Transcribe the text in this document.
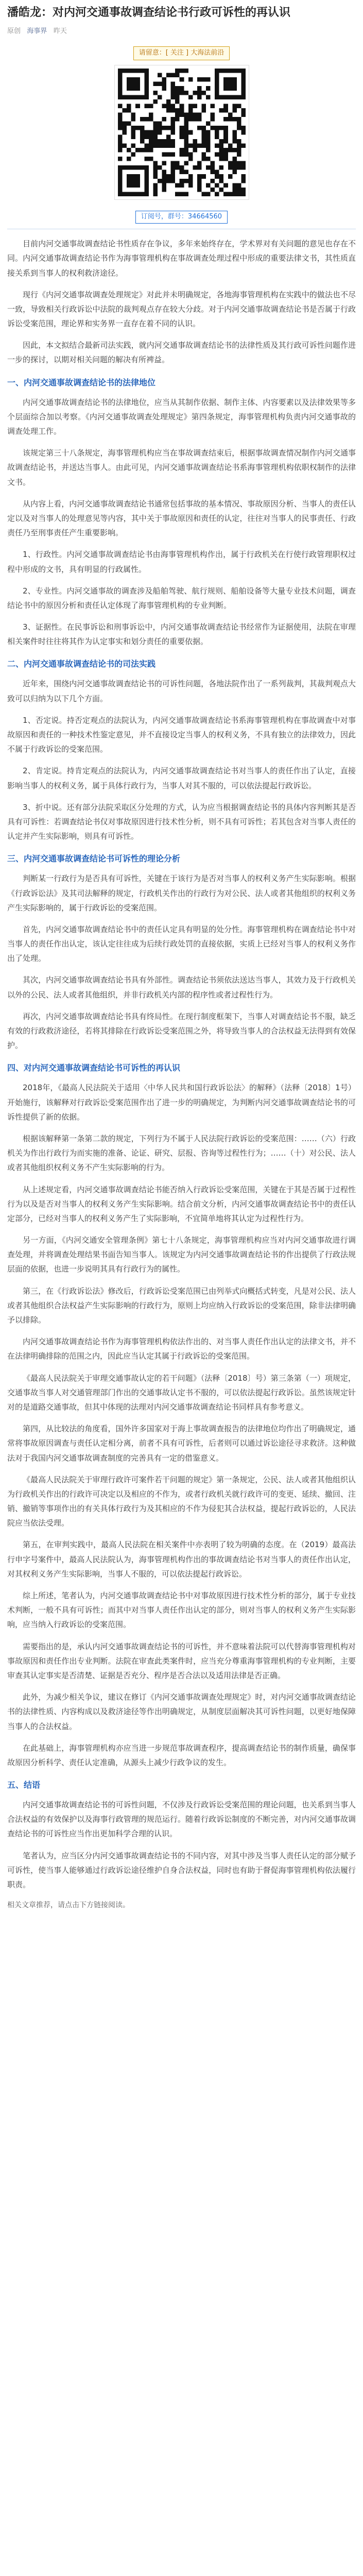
潘皓龙：对内河交通事故调查结论书行政可诉性的再认识
原创 海事界 昨天
请留意：[ 关注 ] 大海法前沿
订阅号，群号：34664560

目前内河交通事故调查结论书性质存在争议，多年来始终存在，学术界对有关问题的意见也存在不同。内河交通事故调查结论书作为海事管理机构在事故调查处理过程中形成的重要法律文书，其性质直接关系到当事人的权利救济途径。

现行《内河交通事故调查处理规定》对此并未明确规定，各地海事管理机构在实践中的做法也不尽一致，导致相关行政诉讼中法院的裁判观点存在较大分歧。对于内河交通事故调查结论书是否属于行政诉讼受案范围，理论界和实务界一直存在着不同的认识。

因此，本文拟结合最新司法实践，就内河交通事故调查结论书的法律性质及其行政可诉性问题作进一步的探讨，以期对相关问题的解决有所裨益。

一、内河交通事故调查结论书的法律地位

内河交通事故调查结论书的法律地位，应当从其制作依据、制作主体、内容要素以及法律效果等多个层面综合加以考察。《内河交通事故调查处理规定》第四条规定，海事管理机构负责内河交通事故的调查处理工作。

该规定第三十八条规定，海事管理机构应当在事故调查结束后，根据事故调查情况制作内河交通事故调查结论书，并送达当事人。由此可见，内河交通事故调查结论书系海事管理机构依职权制作的法律文书。

从内容上看，内河交通事故调查结论书通常包括事故的基本情况、事故原因分析、当事人的责任认定以及对当事人的处理意见等内容，其中关于事故原因和责任的认定，往往对当事人的民事责任、行政责任乃至刑事责任产生重要影响。

1、行政性。内河交通事故调查结论书由海事管理机构作出，属于行政机关在行使行政管理职权过程中形成的文书，具有明显的行政属性。

2、专业性。内河交通事故的调查涉及船舶驾驶、航行规则、船舶设备等大量专业技术问题，调查结论书中的原因分析和责任认定体现了海事管理机构的专业判断。

3、证据性。在民事诉讼和刑事诉讼中，内河交通事故调查结论书经常作为证据使用，法院在审理相关案件时往往将其作为认定事实和划分责任的重要依据。

二、内河交通事故调查结论书的司法实践

近年来，围绕内河交通事故调查结论书的可诉性问题，各地法院作出了一系列裁判，其裁判观点大致可以归纳为以下几个方面。

1、否定说。持否定观点的法院认为，内河交通事故调查结论书系海事管理机构在事故调查中对事故原因和责任的一种技术性鉴定意见，并不直接设定当事人的权利义务，不具有独立的法律效力，因此不属于行政诉讼的受案范围。

2、肯定说。持肯定观点的法院认为，内河交通事故调查结论书对当事人的责任作出了认定，直接影响当事人的权利义务，属于具体行政行为，当事人对其不服的，可以依法提起行政诉讼。

3、折中说。还有部分法院采取区分处理的方式，认为应当根据调查结论书的具体内容判断其是否具有可诉性：若调查结论书仅对事故原因进行技术性分析，则不具有可诉性；若其包含对当事人责任的认定并产生实际影响，则具有可诉性。

三、内河交通事故调查结论书可诉性的理论分析

判断某一行政行为是否具有可诉性，关键在于该行为是否对当事人的权利义务产生实际影响。根据《行政诉讼法》及其司法解释的规定，行政机关作出的行政行为对公民、法人或者其他组织的权利义务产生实际影响的，属于行政诉讼的受案范围。

首先，内河交通事故调查结论书中的责任认定具有明显的处分性。海事管理机构在调查结论书中对当事人的责任作出认定，该认定往往成为后续行政处罚的直接依据，实质上已经对当事人的权利义务作出了处理。

其次，内河交通事故调查结论书具有外部性。调查结论书须依法送达当事人，其效力及于行政机关以外的公民、法人或者其他组织，并非行政机关内部的程序性或者过程性行为。

再次，内河交通事故调查结论书具有终局性。在现行制度框架下，当事人对调查结论书不服，缺乏有效的行政救济途径，若将其排除在行政诉讼受案范围之外，将导致当事人的合法权益无法得到有效保护。

四、对内河交通事故调查结论书可诉性的再认识

2018年，《最高人民法院关于适用〈中华人民共和国行政诉讼法〉的解释》（法释〔2018〕1号）开始施行，该解释对行政诉讼受案范围作出了进一步的明确规定，为判断内河交通事故调查结论书的可诉性提供了新的依据。

根据该解释第一条第二款的规定，下列行为不属于人民法院行政诉讼的受案范围：……（六）行政机关为作出行政行为而实施的准备、论证、研究、层报、咨询等过程性行为；……（十）对公民、法人或者其他组织权利义务不产生实际影响的行为。

从上述规定看，内河交通事故调查结论书能否纳入行政诉讼受案范围，关键在于其是否属于过程性行为以及是否对当事人的权利义务产生实际影响。结合前文分析，内河交通事故调查结论书中的责任认定部分，已经对当事人的权利义务产生了实际影响，不宜简单地将其认定为过程性行为。

另一方面，《内河交通安全管理条例》第七十八条规定，海事管理机构应当对内河交通事故进行调查处理，并将调查处理结果书面告知当事人。该规定为内河交通事故调查结论书的作出提供了行政法规层面的依据，也进一步说明其具有行政行为的属性。

第三，在《行政诉讼法》修改后，行政诉讼受案范围已由列举式向概括式转变，凡是对公民、法人或者其他组织合法权益产生实际影响的行政行为，原则上均应纳入行政诉讼的受案范围，除非法律明确予以排除。

内河交通事故调查结论书作为海事管理机构依法作出的、对当事人责任作出认定的法律文书，并不在法律明确排除的范围之内，因此应当认定其属于行政诉讼的受案范围。

《最高人民法院关于审理交通事故认定的若干问题》（法释〔2018〕号）第三条第（一）项规定，交通事故当事人对交通管理部门作出的交通事故认定书不服的，可以依法提起行政诉讼。虽然该规定针对的是道路交通事故，但其中体现的法理对内河交通事故调查结论书同样具有参考意义。

第四，从比较法的角度看，国外许多国家对于海上事故调查报告的法律地位均作出了明确规定，通常将事故原因调查与责任认定相分离，前者不具有可诉性，后者则可以通过诉讼途径寻求救济。这种做法对于我国内河交通事故调查制度的完善具有一定的借鉴意义。

《最高人民法院关于审理行政许可案件若干问题的规定》第一条规定，公民、法人或者其他组织认为行政机关作出的行政许可决定以及相应的不作为，或者行政机关就行政许可的变更、延续、撤回、注销、撤销等事项作出的有关具体行政行为及其相应的不作为侵犯其合法权益，提起行政诉讼的，人民法院应当依法受理。

第五，在审判实践中，最高人民法院在相关案件中亦表明了较为明确的态度。在（2019）最高法行申字号案件中，最高人民法院认为，海事管理机构作出的事故调查结论书对当事人的责任作出认定，对其权利义务产生实际影响，当事人不服的，可以依法提起行政诉讼。

综上所述，笔者认为，内河交通事故调查结论书中对事故原因进行技术性分析的部分，属于专业技术判断，一般不具有可诉性；而其中对当事人责任作出认定的部分，则对当事人的权利义务产生实际影响，应当纳入行政诉讼的受案范围。

需要指出的是，承认内河交通事故调查结论书的可诉性，并不意味着法院可以代替海事管理机构对事故原因和责任作出专业判断。法院在审查此类案件时，应当充分尊重海事管理机构的专业判断，主要审查其认定事实是否清楚、证据是否充分、程序是否合法以及适用法律是否正确。

此外，为减少相关争议，建议在修订《内河交通事故调查处理规定》时，对内河交通事故调查结论书的法律性质、内容构成以及救济途径等作出明确规定，从制度层面解决其可诉性问题，以更好地保障当事人的合法权益。

在此基础上，海事管理机构亦应当进一步规范事故调查程序，提高调查结论书的制作质量，确保事故原因分析科学、责任认定准确，从源头上减少行政争议的发生。

五、结语

内河交通事故调查结论书的可诉性问题，不仅涉及行政诉讼受案范围的理论问题，也关系到当事人合法权益的有效保护以及海事行政管理的规范运行。随着行政诉讼制度的不断完善，对内河交通事故调查结论书的可诉性应当作出更加科学合理的认识。

笔者认为，应当区分内河交通事故调查结论书的不同内容，对其中涉及当事人责任认定的部分赋予可诉性，使当事人能够通过行政诉讼途径维护自身合法权益，同时也有助于督促海事管理机构依法履行职责。

相关文章推荐，请点击下方链接阅读。
